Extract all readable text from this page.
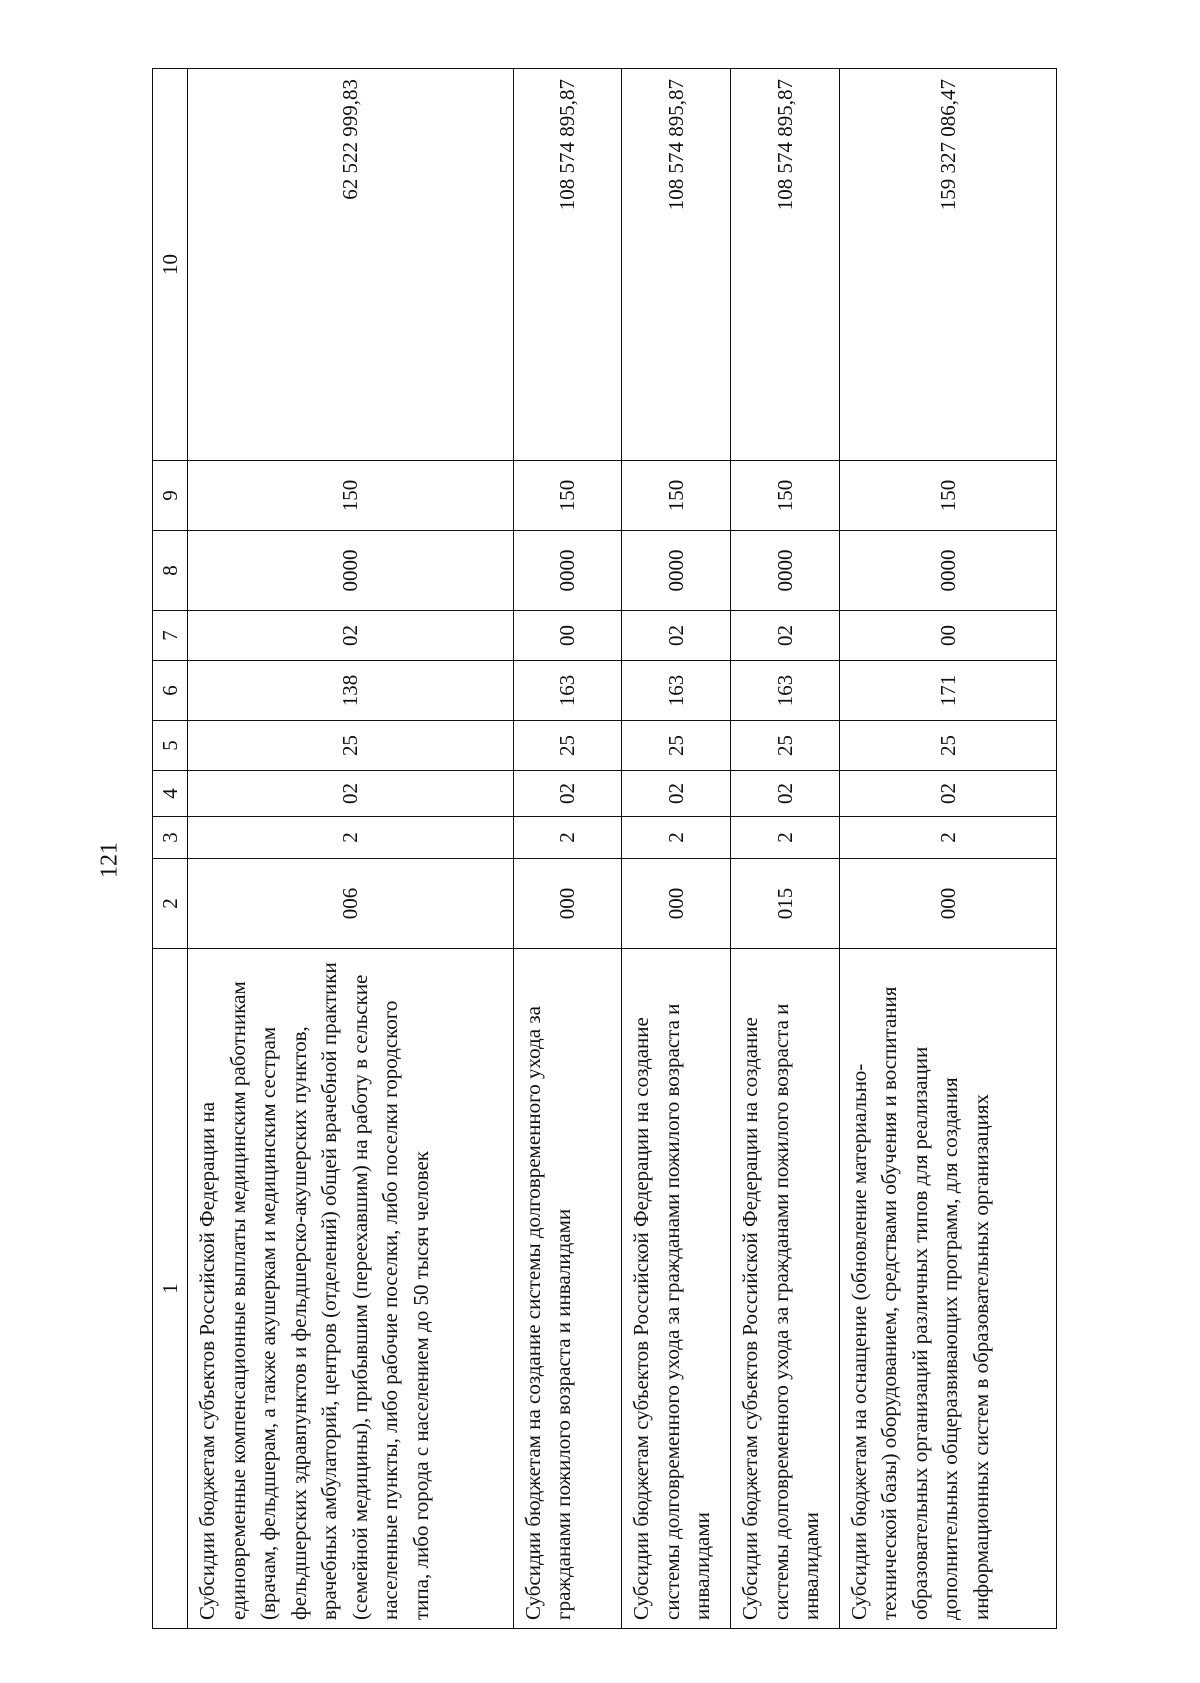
121
1	2	3	4	5	6	7	8	9	10
Субсидии бюджетам субъектов Российской Федерации на единовременные компенсационные выплаты медицинским работникам (врачам, фельдшерам, а также акушеркам и медицинским сестрам фельдшерских здравпунктов и фельдшерско-акушерских пунктов, врачебных амбулаторий, центров (отделений) общей врачебной практики (семейной медицины), прибывшим (переехавшим) на работу в сельские населенные пункты, либо рабочие поселки, либо поселки городского типа, либо города с населением до 50 тысяч человек	006	2	02	25	138	02	0000	150	62 522 999,83
Субсидии бюджетам на создание системы долговременного ухода за гражданами пожилого возраста и инвалидами	000	2	02	25	163	00	0000	150	108 574 895,87
Субсидии бюджетам субъектов Российской Федерации на создание системы долговременного ухода за гражданами пожилого возраста и инвалидами	000	2	02	25	163	02	0000	150	108 574 895,87
Субсидии бюджетам субъектов Российской Федерации на создание системы долговременного ухода за гражданами пожилого возраста и инвалидами	015	2	02	25	163	02	0000	150	108 574 895,87
Субсидии бюджетам на оснащение (обновление материально-технической базы) оборудованием, средствами обучения и воспитания образовательных организаций различных типов для реализации дополнительных общеразвивающих программ, для создания информационных систем в образовательных организациях	000	2	02	25	171	00	0000	150	159 327 086,47
